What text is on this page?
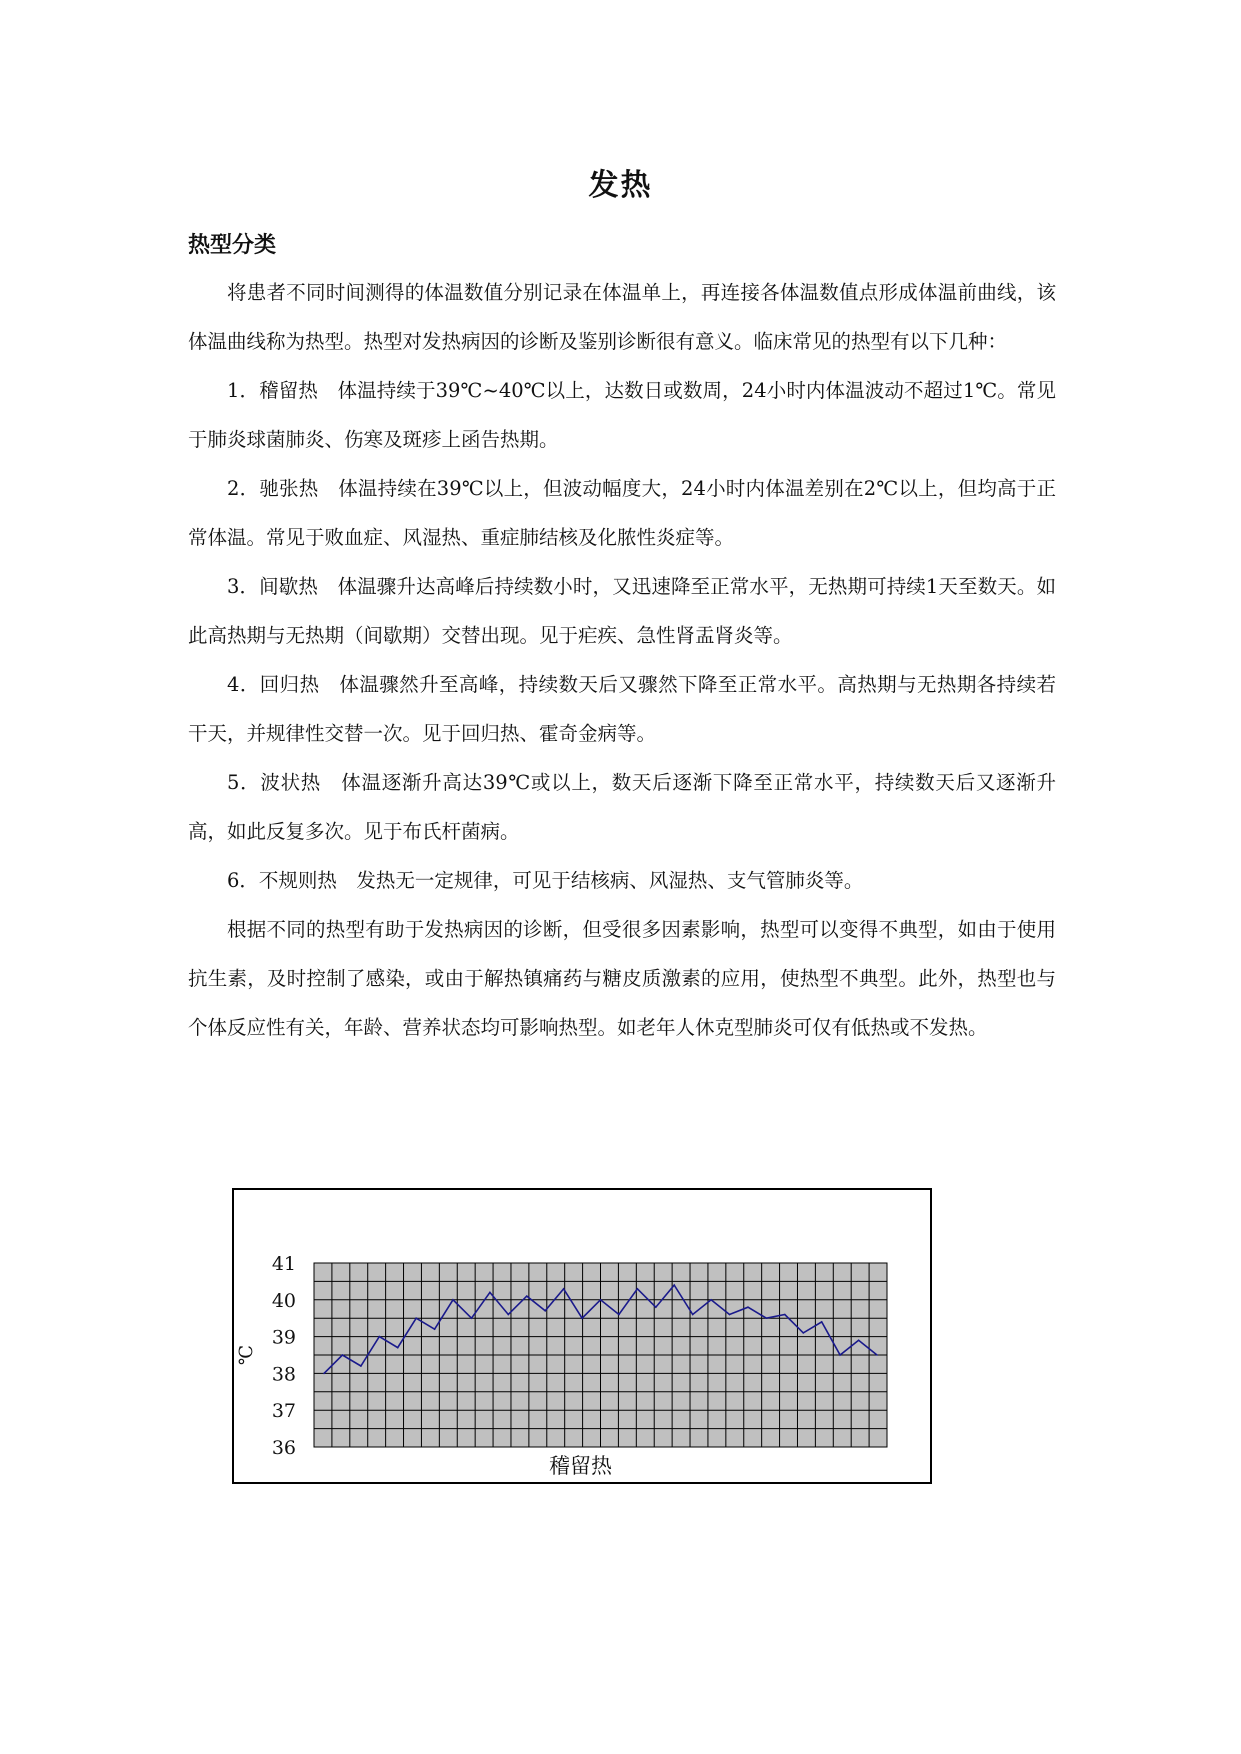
发热
热型分类

将患者不同时间测得的体温数值分别记录在体温单上，再连接各体温数值点形成体温前曲线，该体温曲线称为热型。热型对发热病因的诊断及鉴别诊断很有意义。临床常见的热型有以下几种：

1．稽留热　体温持续于39℃~40℃以上，达数日或数周，24小时内体温波动不超过1℃。常见于肺炎球菌肺炎、伤寒及斑疹上函告热期。

2．驰张热　体温持续在39℃以上，但波动幅度大，24小时内体温差别在2℃以上，但均高于正常体温。常见于败血症、风湿热、重症肺结核及化脓性炎症等。

3．间歇热　体温骤升达高峰后持续数小时，又迅速降至正常水平，无热期可持续1天至数天。如此高热期与无热期（间歇期）交替出现。见于疟疾、急性肾盂肾炎等。

4．回归热　体温骤然升至高峰，持续数天后又骤然下降至正常水平。高热期与无热期各持续若干天，并规律性交替一次。见于回归热、霍奇金病等。

5．波状热　体温逐渐升高达39℃或以上，数天后逐渐下降至正常水平，持续数天后又逐渐升高，如此反复多次。见于布氏杆菌病。

6．不规则热　发热无一定规律，可见于结核病、风湿热、支气管肺炎等。

根据不同的热型有助于发热病因的诊断，但受很多因素影响，热型可以变得不典型，如由于使用抗生素，及时控制了感染，或由于解热镇痛药与糖皮质激素的应用，使热型不典型。此外，热型也与个体反应性有关，年龄、营养状态均可影响热型。如老年人休克型肺炎可仅有低热或不发热。

41
40
39
38
37
36
℃
稽留热
